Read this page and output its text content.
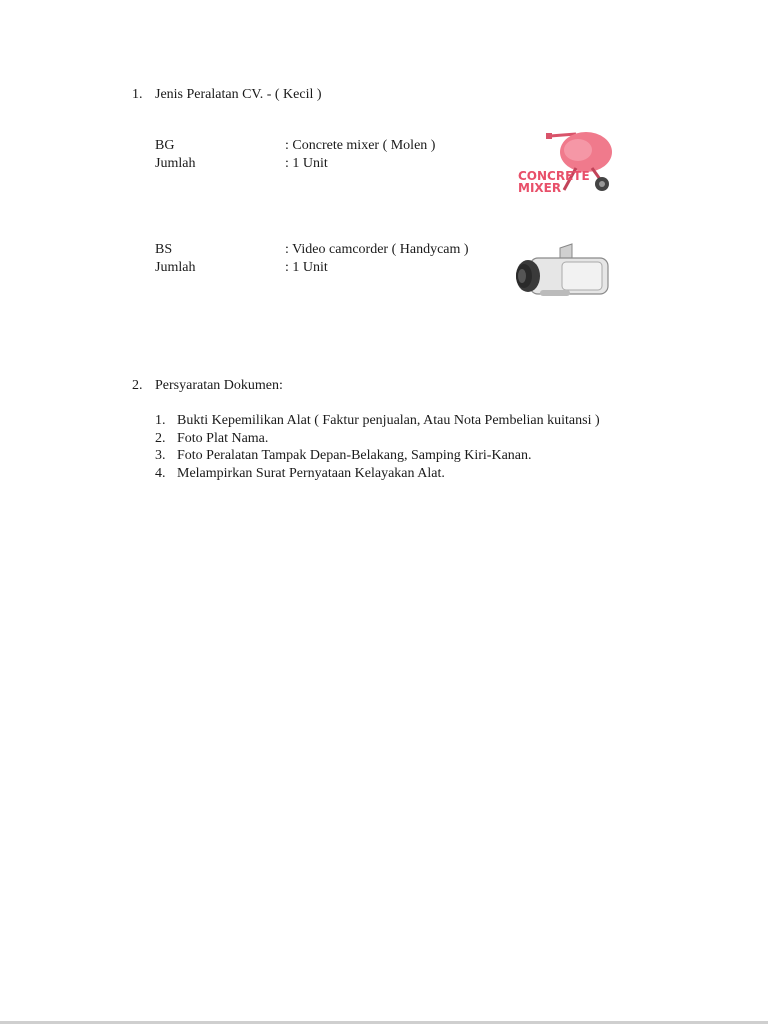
1. Jenis Peralatan CV. - ( Kecil )
BG	: Concrete mixer ( Molen )
Jumlah	: 1 Unit
CONCRETE
MIXER
BS	: Video camcorder ( Handycam )
Jumlah	: 1 Unit
2. Persyaratan Dokumen:
1. Bukti Kepemilikan Alat ( Faktur penjualan, Atau Nota Pembelian kuitansi )
2. Foto Plat Nama.
3. Foto Peralatan Tampak Depan-Belakang, Samping Kiri-Kanan.
4. Melampirkan Surat Pernyataan Kelayakan Alat.
